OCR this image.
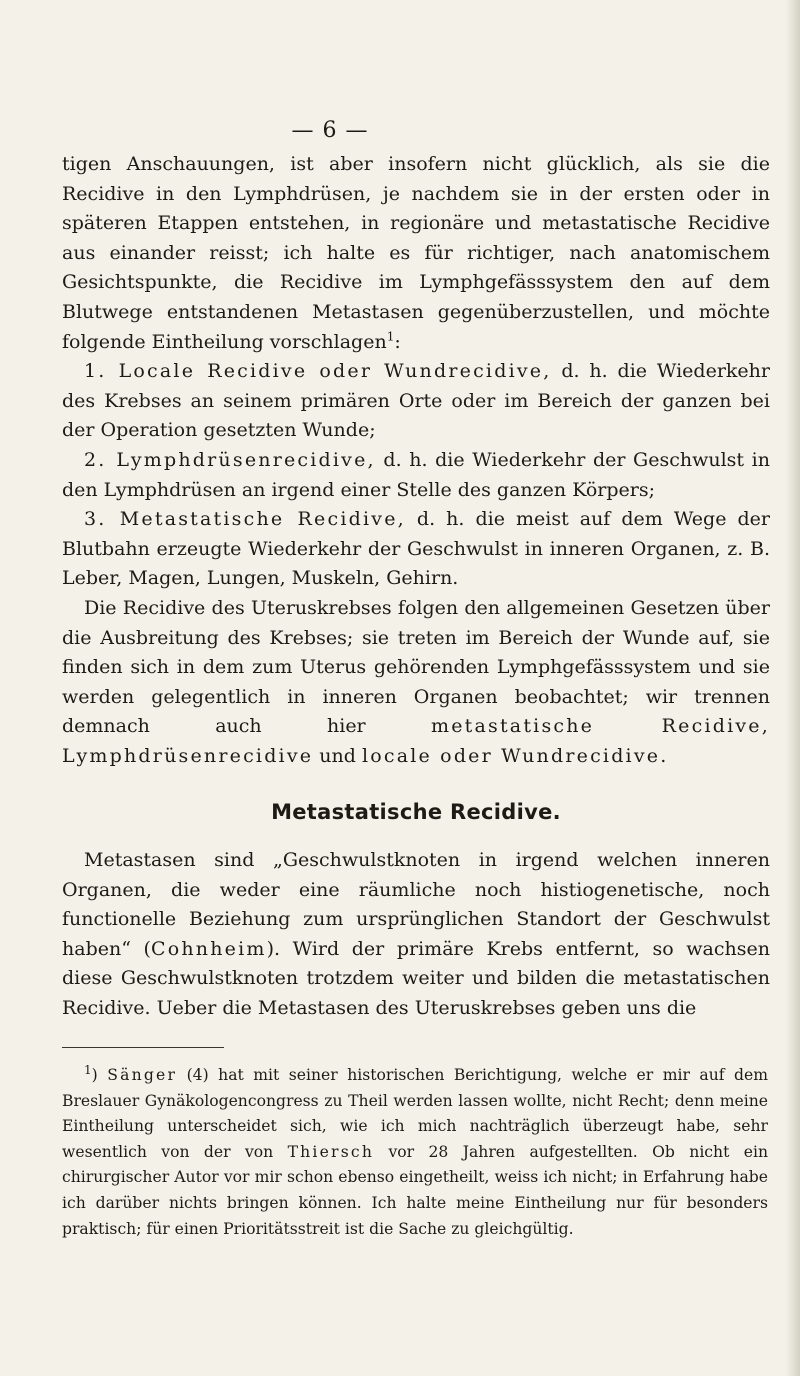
— 6 —

tigen Anschauungen, ist aber insofern nicht glücklich, als sie die Recidive in den Lymphdrüsen, je nachdem sie in der ersten oder in späteren Etappen entstehen, in regionäre und metastatische Recidive aus einander reisst; ich halte es für richtiger, nach anatomischem Gesichtspunkte, die Recidive im Lymphgefässsystem den auf dem Blutwege entstandenen Metastasen gegenüberzustellen, und möchte folgende Eintheilung vorschlagen$^1$:

1. Locale Recidive oder Wundrecidive, d. h. die Wiederkehr des Krebses an seinem primären Orte oder im Bereich der ganzen bei der Operation gesetzten Wunde;

2. Lymphdrüsenrecidive, d. h. die Wiederkehr der Geschwulst in den Lymphdrüsen an irgend einer Stelle des ganzen Körpers;

3. Metastatische Recidive, d. h. die meist auf dem Wege der Blutbahn erzeugte Wiederkehr der Geschwulst in inneren Organen, z. B. Leber, Magen, Lungen, Muskeln, Gehirn.

Die Recidive des Uteruskrebses folgen den allgemeinen Gesetzen über die Ausbreitung des Krebses; sie treten im Bereich der Wunde auf, sie finden sich in dem zum Uterus gehörenden Lymphgefässsystem und sie werden gelegentlich in inneren Organen beobachtet; wir trennen demnach auch hier metastatische Recidive, Lymphdrüsenrecidive und locale oder Wundrecidive.

Metastatische Recidive.

Metastasen sind „Geschwulstknoten in irgend welchen inneren Organen, die weder eine räumliche noch histiogenetische, noch functionelle Beziehung zum ursprünglichen Standort der Geschwulst haben“ (Cohnheim). Wird der primäre Krebs entfernt, so wachsen diese Geschwulstknoten trotzdem weiter und bilden die metastatischen Recidive. Ueber die Metastasen des Uteruskrebses geben uns die

$^1$) Sänger (4) hat mit seiner historischen Berichtigung, welche er mir auf dem Breslauer Gynäkologencongress zu Theil werden lassen wollte, nicht Recht; denn meine Eintheilung unterscheidet sich, wie ich mich nachträglich überzeugt habe, sehr wesentlich von der von Thiersch vor 28 Jahren aufgestellten. Ob nicht ein chirurgischer Autor vor mir schon ebenso eingetheilt, weiss ich nicht; in Erfahrung habe ich darüber nichts bringen können. Ich halte meine Eintheilung nur für besonders praktisch; für einen Prioritätsstreit ist die Sache zu gleichgültig.
